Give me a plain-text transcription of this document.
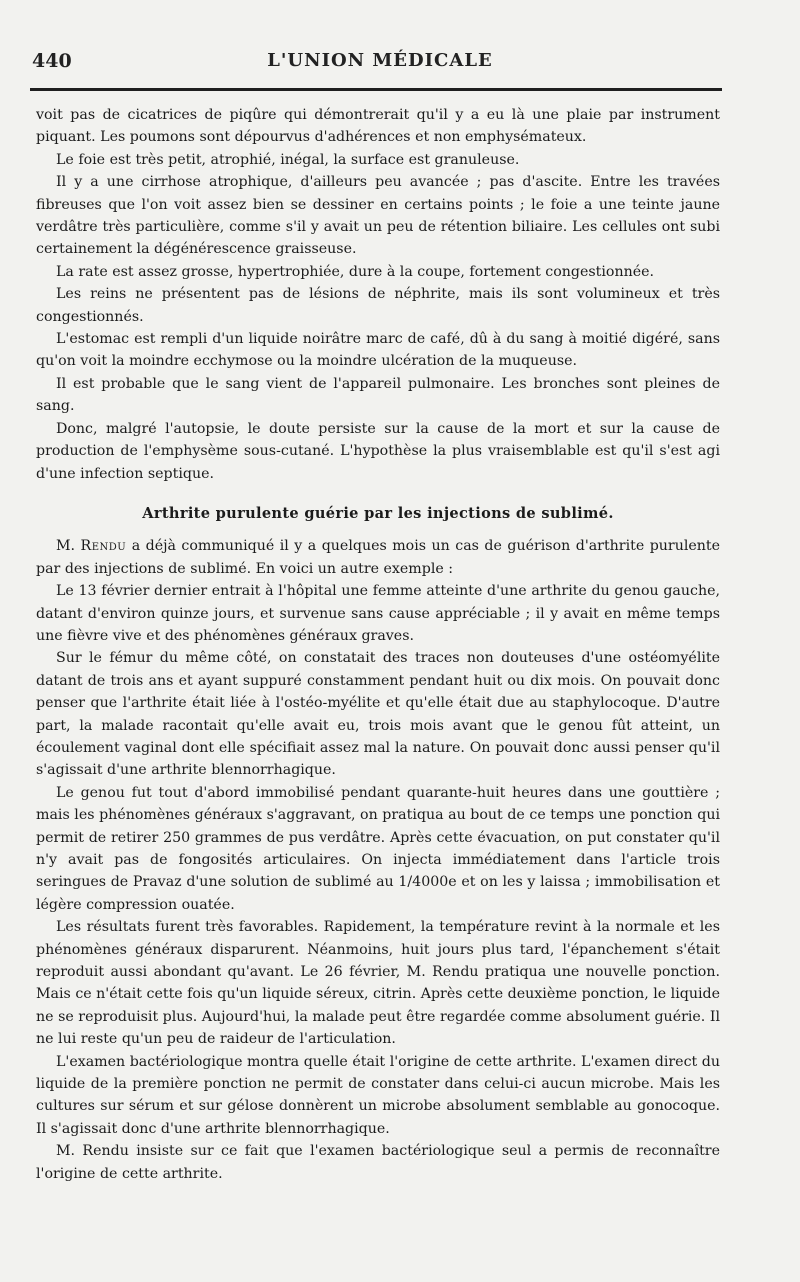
440	L'UNION MÉDICALE

voit pas de cicatrices de piqûre qui démontrerait qu'il y a eu là une plaie par instrument piquant. Les poumons sont dépourvus d'adhérences et non emphysémateux.

Le foie est très petit, atrophié, inégal, la surface est granuleuse.

Il y a une cirrhose atrophique, d'ailleurs peu avancée ; pas d'ascite. Entre les travées fibreuses que l'on voit assez bien se dessiner en certains points ; le foie a une teinte jaune verdâtre très particulière, comme s'il y avait un peu de rétention biliaire. Les cellules ont subi certainement la dégénérescence graisseuse.

La rate est assez grosse, hypertrophiée, dure à la coupe, fortement congestionnée.

Les reins ne présentent pas de lésions de néphrite, mais ils sont volumineux et très congestionnés.

L'estomac est rempli d'un liquide noirâtre marc de café, dû à du sang à moitié digéré, sans qu'on voit la moindre ecchymose ou la moindre ulcération de la muqueuse.

Il est probable que le sang vient de l'appareil pulmonaire. Les bronches sont pleines de sang.

Donc, malgré l'autopsie, le doute persiste sur la cause de la mort et sur la cause de production de l'emphysème sous-cutané. L'hypothèse la plus vraisemblable est qu'il s'est agi d'une infection septique.

Arthrite purulente guérie par les injections de sublimé.

M. Rendu a déjà communiqué il y a quelques mois un cas de guérison d'arthrite purulente par des injections de sublimé. En voici un autre exemple :

Le 13 février dernier entrait à l'hôpital une femme atteinte d'une arthrite du genou gauche, datant d'environ quinze jours, et survenue sans cause appréciable ; il y avait en même temps une fièvre vive et des phénomènes généraux graves.

Sur le fémur du même côté, on constatait des traces non douteuses d'une ostéomyélite datant de trois ans et ayant suppuré constamment pendant huit ou dix mois. On pouvait donc penser que l'arthrite était liée à l'ostéo-myélite et qu'elle était due au staphylocoque. D'autre part, la malade racontait qu'elle avait eu, trois mois avant que le genou fût atteint, un écoulement vaginal dont elle spécifiait assez mal la nature. On pouvait donc aussi penser qu'il s'agissait d'une arthrite blennorrhagique.

Le genou fut tout d'abord immobilisé pendant quarante-huit heures dans une gouttière ; mais les phénomènes généraux s'aggravant, on pratiqua au bout de ce temps une ponction qui permit de retirer 250 grammes de pus verdâtre. Après cette évacuation, on put constater qu'il n'y avait pas de fongosités articulaires. On injecta immédiatement dans l'article trois seringues de Pravaz d'une solution de sublimé au 1/4000e et on les y laissa ; immobilisation et légère compression ouatée.

Les résultats furent très favorables. Rapidement, la température revint à la normale et les phénomènes généraux disparurent. Néanmoins, huit jours plus tard, l'épanchement s'était reproduit aussi abondant qu'avant. Le 26 février, M. Rendu pratiqua une nouvelle ponction. Mais ce n'était cette fois qu'un liquide séreux, citrin. Après cette deuxième ponction, le liquide ne se reproduisit plus. Aujourd'hui, la malade peut être regardée comme absolument guérie. Il ne lui reste qu'un peu de raideur de l'articulation.

L'examen bactériologique montra quelle était l'origine de cette arthrite. L'examen direct du liquide de la première ponction ne permit de constater dans celui-ci aucun microbe. Mais les cultures sur sérum et sur gélose donnèrent un microbe absolument semblable au gonocoque. Il s'agissait donc d'une arthrite blennorrhagique.

M. Rendu insiste sur ce fait que l'examen bactériologique seul a permis de reconnaître l'origine de cette arthrite.
